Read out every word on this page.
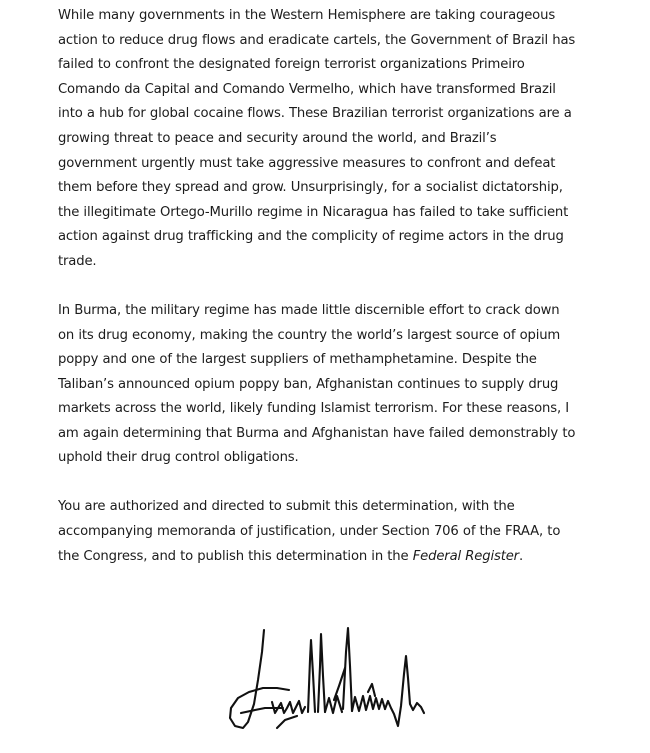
While many governments in the Western Hemisphere are taking courageous
action to reduce drug flows and eradicate cartels, the Government of Brazil has
failed to confront the designated foreign terrorist organizations Primeiro
Comando da Capital and Comando Vermelho, which have transformed Brazil
into a hub for global cocaine flows. These Brazilian terrorist organizations are a
growing threat to peace and security around the world, and Brazil’s
government urgently must take aggressive measures to confront and defeat
them before they spread and grow. Unsurprisingly, for a socialist dictatorship,
the illegitimate Ortego-Murillo regime in Nicaragua has failed to take sufficient
action against drug trafficking and the complicity of regime actors in the drug
trade.

In Burma, the military regime has made little discernible effort to crack down
on its drug economy, making the country the world’s largest source of opium
poppy and one of the largest suppliers of methamphetamine. Despite the
Taliban’s announced opium poppy ban, Afghanistan continues to supply drug
markets across the world, likely funding Islamist terrorism. For these reasons, I
am again determining that Burma and Afghanistan have failed demonstrably to
uphold their drug control obligations.

You are authorized and directed to submit this determination, with the
accompanying memoranda of justification, under Section 706 of the FRAA, to
the Congress, and to publish this determination in the Federal Register.
